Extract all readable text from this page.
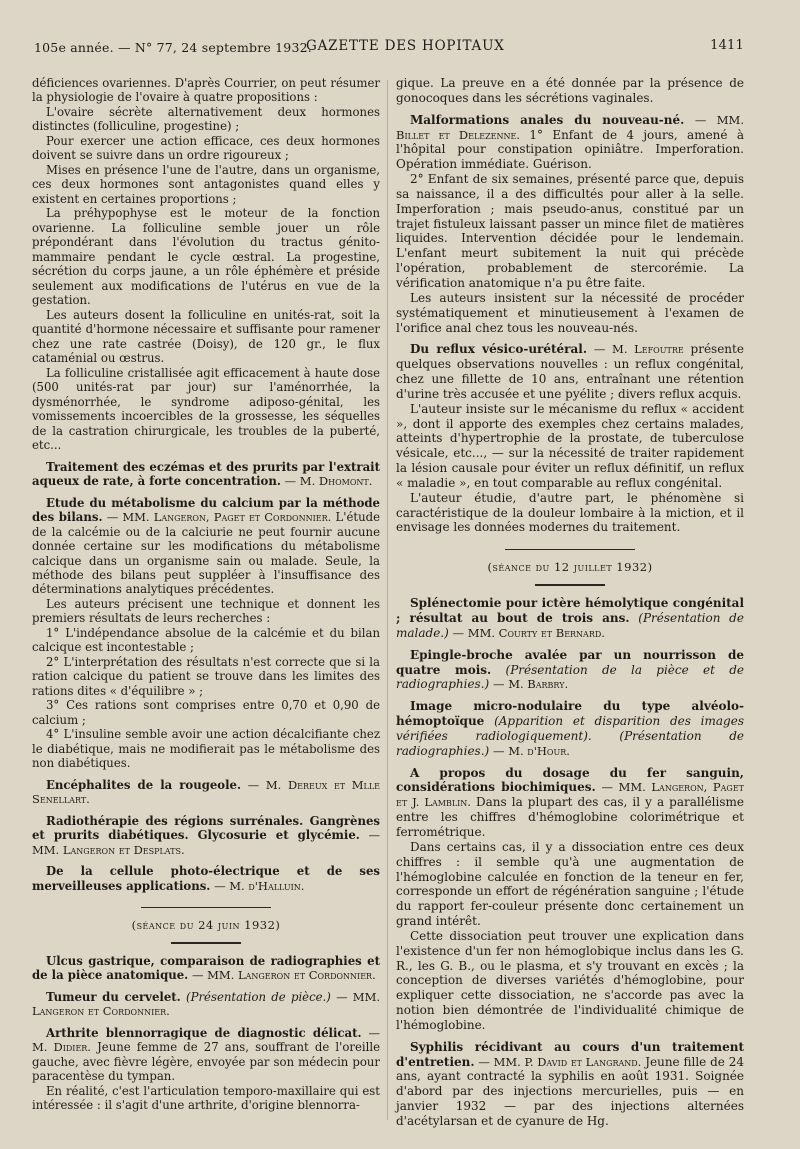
105e année. — N° 77, 24 septembre 1932.
GAZETTE DES HOPITAUX	1411

déficiences ovariennes. D'après Courrier, on peut résumer la physiologie de l'ovaire à quatre propositions :

L'ovaire sécrète alternativement deux hormones distinctes (folliculine, progestine) ;

Pour exercer une action efficace, ces deux hormones doivent se suivre dans un ordre rigoureux ;

Mises en présence l'une de l'autre, dans un organisme, ces deux hormones sont antagonistes quand elles y existent en certaines proportions ;

La préhypophyse est le moteur de la fonction ovarienne. La folliculine semble jouer un rôle prépondérant dans l'évolution du tractus génito-mammaire pendant le cycle œstral. La progestine, sécrétion du corps jaune, a un rôle éphémère et préside seulement aux modifications de l'utérus en vue de la gestation.

Les auteurs dosent la folliculine en unités-rat, soit la quantité d'hormone nécessaire et suffisante pour ramener chez une rate castrée (Doisy), de 120 gr., le flux cataménial ou œstrus.

La folliculine cristallisée agit efficacement à haute dose (500 unités-rat par jour) sur l'aménorrhée, la dysménorrhée, le syndrome adiposo-génital, les vomissements incoercibles de la grossesse, les séquelles de la castration chirurgicale, les troubles de la puberté, etc...

Traitement des eczémas et des prurits par l'extrait aqueux de rate, à forte concentration. — M. Dhomont.

Etude du métabolisme du calcium par la méthode des bilans. — MM. Langeron, Paget et Cordonnier. L'étude de la calcémie ou de la calciurie ne peut fournir aucune donnée certaine sur les modifications du métabolisme calcique dans un organisme sain ou malade. Seule, la méthode des bilans peut suppléer à l'insuffisance des déterminations analytiques précédentes.

Les auteurs précisent une technique et donnent les premiers résultats de leurs recherches :

1° L'indépendance absolue de la calcémie et du bilan calcique est incontestable ;

2° L'interprétation des résultats n'est correcte que si la ration calcique du patient se trouve dans les limites des rations dites « d'équilibre » ;

3° Ces rations sont comprises entre 0,70 et 0,90 de calcium ;

4° L'insuline semble avoir une action décalcifiante chez le diabétique, mais ne modifierait pas le métabolisme des non diabétiques.

Encéphalites de la rougeole. — M. Dereux et Mlle Senellart.

Radiothérapie des régions surrénales. Gangrènes et prurits diabétiques. Glycosurie et glycémie. — MM. Langeron et Desplats.

De la cellule photo-électrique et de ses merveilleuses applications. — M. d'Halluin.

(séance du 24 juin 1932)

Ulcus gastrique, comparaison de radiographies et de la pièce anatomique. — MM. Langeron et Cordonnier.

Tumeur du cervelet. (Présentation de pièce.) — MM. Langeron et Cordonnier.

Arthrite blennorragique de diagnostic délicat. — M. Didier. Jeune femme de 27 ans, souffrant de l'oreille gauche, avec fièvre légère, envoyée par son médecin pour paracentèse du tympan.

En réalité, c'est l'articulation temporo-maxillaire qui est intéressée : il s'agit d'une arthrite, d'origine blennorra-

gique. La preuve en a été donnée par la présence de gonocoques dans les sécrétions vaginales.

Malformations anales du nouveau-né. — MM. Billet et Delezenne. 1° Enfant de 4 jours, amené à l'hôpital pour constipation opiniâtre. Imperforation. Opération immédiate. Guérison.

2° Enfant de six semaines, présenté parce que, depuis sa naissance, il a des difficultés pour aller à la selle. Imperforation ; mais pseudo-anus, constitué par un trajet fistuleux laissant passer un mince filet de matières liquides. Intervention décidée pour le lendemain. L'enfant meurt subitement la nuit qui précède l'opération, probablement de stercorémie. La vérification anatomique n'a pu être faite.

Les auteurs insistent sur la nécessité de procéder systématiquement et minutieusement à l'examen de l'orifice anal chez tous les nouveau-nés.

Du reflux vésico-urétéral. — M. Lefoutre présente quelques observations nouvelles : un reflux congénital, chez une fillette de 10 ans, entraînant une rétention d'urine très accusée et une pyélite ; divers reflux acquis.

L'auteur insiste sur le mécanisme du reflux « accident », dont il apporte des exemples chez certains malades, atteints d'hypertrophie de la prostate, de tuberculose vésicale, etc..., — sur la nécessité de traiter rapidement la lésion causale pour éviter un reflux définitif, un reflux « maladie », en tout comparable au reflux congénital.

L'auteur étudie, d'autre part, le phénomène si caractéristique de la douleur lombaire à la miction, et il envisage les données modernes du traitement.

(séance du 12 juillet 1932)

Splénectomie pour ictère hémolytique congénital ; résultat au bout de trois ans. (Présentation de malade.) — MM. Courty et Bernard.

Epingle-broche avalée par un nourrisson de quatre mois. (Présentation de la pièce et de radiographies.) — M. Barbry.

Image micro-nodulaire du type alvéolo-hémoptoïque (Apparition et disparition des images vérifiées radiologiquement). (Présentation de radiographies.) — M. d'Hour.

A propos du dosage du fer sanguin, considérations biochimiques. — MM. Langeron, Paget et J. Lamblin. Dans la plupart des cas, il y a parallélisme entre les chiffres d'hémoglobine colorimétrique et ferrométrique.

Dans certains cas, il y a dissociation entre ces deux chiffres : il semble qu'à une augmentation de l'hémoglobine calculée en fonction de la teneur en fer, corresponde un effort de régénération sanguine ; l'étude du rapport fer-couleur présente donc certainement un grand intérêt.

Cette dissociation peut trouver une explication dans l'existence d'un fer non hémoglobique inclus dans les G. R., les G. B., ou le plasma, et s'y trouvant en excès ; la conception de diverses variétés d'hémoglobine, pour expliquer cette dissociation, ne s'accorde pas avec la notion bien démontrée de l'individualité chimique de l'hémoglobine.

Syphilis récidivant au cours d'un traitement d'entretien. — MM. P. David et Langrand. Jeune fille de 24 ans, ayant contracté la syphilis en août 1931. Soignée d'abord par des injections mercurielles, puis — en janvier 1932 — par des injections alternées d'acétylarsan et de cyanure de Hg.
